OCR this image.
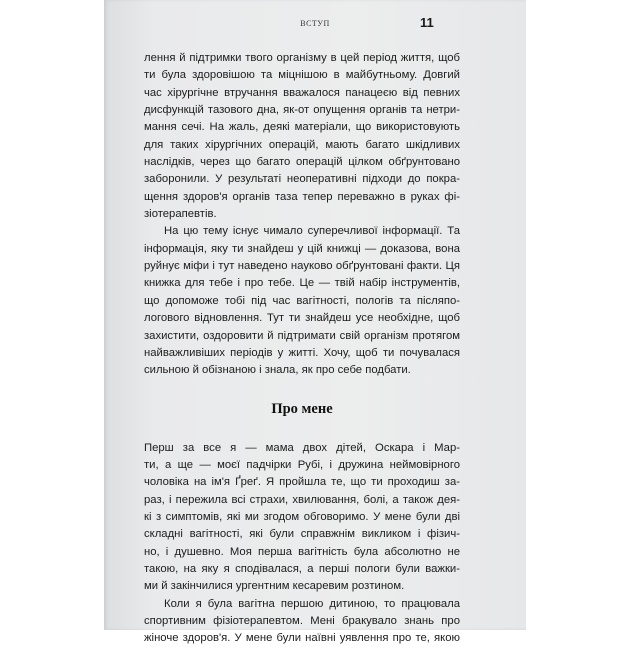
ВСТУП	11
лення й підтримки твого організму в цей період життя, щоб
ти була здоровішою та міцнішою в майбутньому. Довгий
час хірургічне втручання вважалося панацеєю від певних
дисфункцій тазового дна, як-от опущення органів та нетри-
мання сечі. На жаль, деякі матеріали, що використовують
для таких хірургічних операцій, мають багато шкідливих
наслідків, через що багато операцій цілком обґрунтовано
заборонили. У результаті неоперативні підходи до покра-
щення здоров'я органів таза тепер переважно в руках фі-
зіотерапевтів.
На цю тему існує чимало суперечливої інформації. Та
інформація, яку ти знайдеш у цій книжці — доказова, вона
руйнує міфи і тут наведено науково обґрунтовані факти. Ця
книжка для тебе і про тебе. Це — твій набір інструментів,
що допоможе тобі під час вагітності, пологів та післяпо-
логового відновлення. Тут ти знайдеш усе необхідне, щоб
захистити, оздоровити й підтримати свій організм протягом
найважливіших періодів у житті. Хочу, щоб ти почувалася
сильною й обізнаною і знала, як про себе подбати.
Про мене
Перш за все я — мама двох дітей, Оскара і Мар-
ти, а ще — моєї падчірки Рубі, і дружина неймовірного
чоловіка на ім'я Ґреґ. Я пройшла те, що ти проходиш за-
раз, і пережила всі страхи, хвилювання, болі, а також дея-
кі з симптомів, які ми згодом обговоримо. У мене були дві
складні вагітності, які були справжнім викликом і фізич-
но, і душевно. Моя перша вагітність була абсолютно не
такою, на яку я сподівалася, а перші пологи були важки-
ми й закінчилися ургентним кесаревим розтином.
Коли я була вагітна першою дитиною, то працювала
спортивним фізіотерапевтом. Мені бракувало знань про
жіноче здоров'я. У мене були наївні уявлення про те, якою
